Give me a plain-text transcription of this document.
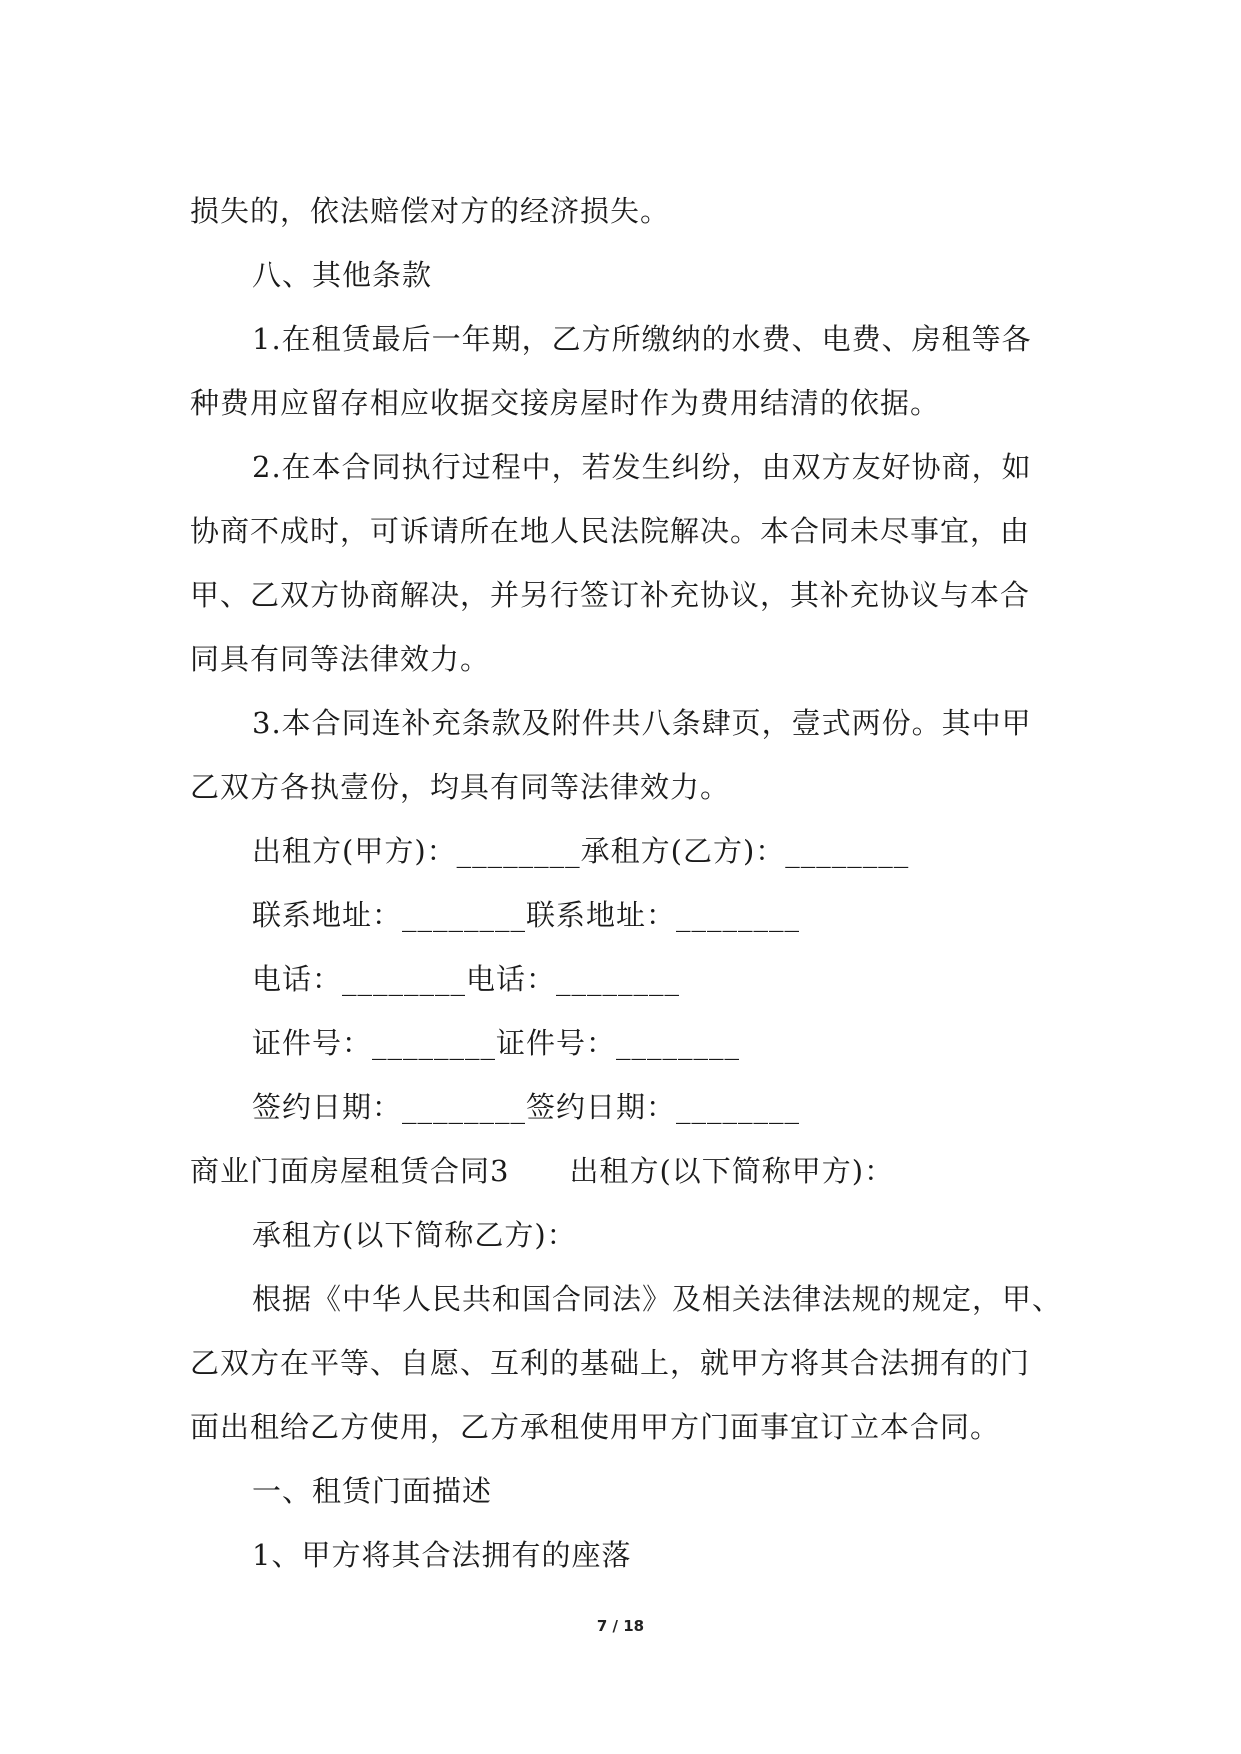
损失的，依法赔偿对方的经济损失。

八、其他条款

1.在租赁最后一年期，乙方所缴纳的水费、电费、房租等各

种费用应留存相应收据交接房屋时作为费用结清的依据。

2.在本合同执行过程中，若发生纠纷，由双方友好协商，如

协商不成时，可诉请所在地人民法院解决。本合同未尽事宜，由

甲、乙双方协商解决，并另行签订补充协议，其补充协议与本合

同具有同等法律效力。

3.本合同连补充条款及附件共八条肆页，壹式两份。其中甲

乙双方各执壹份，均具有同等法律效力。

出租方(甲方)：________承租方(乙方)：________

联系地址：________联系地址：________

电话：________电话：________

证件号：________证件号：________

签约日期：________签约日期：________

商业门面房屋租赁合同3　　出租方(以下简称甲方)：

承租方(以下简称乙方)：

根据《中华人民共和国合同法》及相关法律法规的规定，甲、

乙双方在平等、自愿、互利的基础上，就甲方将其合法拥有的门

面出租给乙方使用，乙方承租使用甲方门面事宜订立本合同。

一、租赁门面描述

1、甲方将其合法拥有的座落

7 / 18
